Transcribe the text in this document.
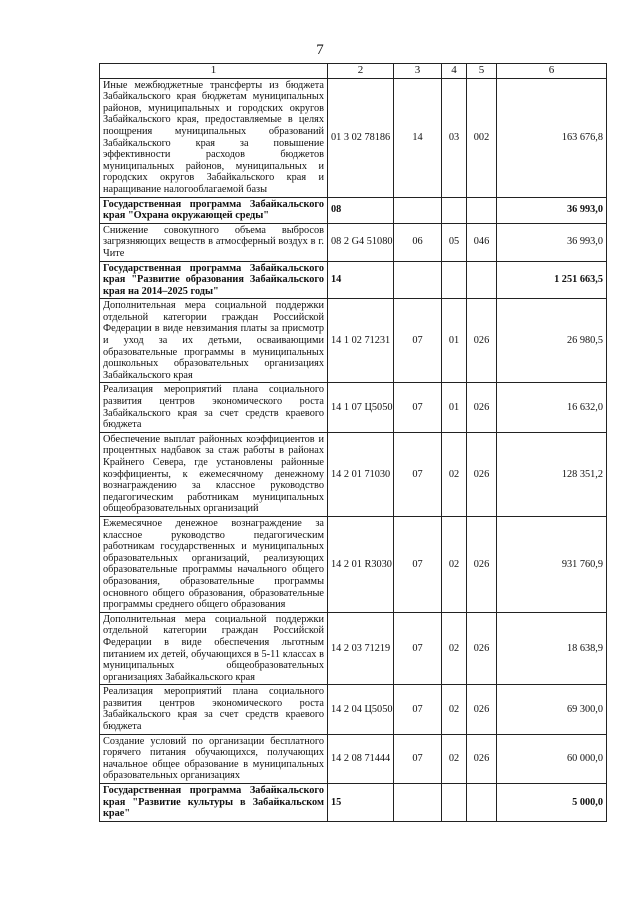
7
1	2	3	4	5	6
Иные межбюджетные трансферты из бюджета Забайкальского края бюджетам муниципальных районов, муниципальных и городских округов Забайкальского края, предоставляемые в целях поощрения муниципальных образований Забайкальского края за повышение эффективности расходов бюджетов муниципальных районов, муниципальных и городских округов Забайкальского края и наращивание налогооблагаемой базы	01 3 02 78186	14	03	002	163 676,8
Государственная программа Забайкальского края "Охрана окружающей среды"	08				36 993,0
Снижение совокупного объема выбросов загрязняющих веществ в атмосферный воздух в г. Чите	08 2 G4 51080	06	05	046	36 993,0
Государственная программа Забайкальского края "Развитие образования Забайкальского края на 2014–2025 годы"	14				1 251 663,5
Дополнительная мера социальной поддержки отдельной категории граждан Российской Федерации в виде невзимания платы за присмотр и уход за их детьми, осваивающими образовательные программы в муниципальных дошкольных образовательных организациях Забайкальского края	14 1 02 71231	07	01	026	26 980,5
Реализация мероприятий плана социального развития центров экономического роста Забайкальского края за счет средств краевого бюджета	14 1 07 Ц5050	07	01	026	16 632,0
Обеспечение выплат районных коэффициентов и процентных надбавок за стаж работы в районах Крайнего Севера, где установлены районные коэффициенты, к ежемесячному денежному вознаграждению за классное руководство педагогическим работникам муниципальных общеобразовательных организаций	14 2 01 71030	07	02	026	128 351,2
Ежемесячное денежное вознаграждение за классное руководство педагогическим работникам государственных и муниципальных образовательных организаций, реализующих образовательные программы начального общего образования, образовательные программы основного общего образования, образовательные программы среднего общего образования	14 2 01 R3030	07	02	026	931 760,9
Дополнительная мера социальной поддержки отдельной категории граждан Российской Федерации в виде обеспечения льготным питанием их детей, обучающихся в 5-11 классах в муниципальных общеобразовательных организациях Забайкальского края	14 2 03 71219	07	02	026	18 638,9
Реализация мероприятий плана социального развития центров экономического роста Забайкальского края за счет средств краевого бюджета	14 2 04 Ц5050	07	02	026	69 300,0
Создание условий по организации бесплатного горячего питания обучающихся, получающих начальное общее образование в муниципальных образовательных организациях	14 2 08 71444	07	02	026	60 000,0
Государственная программа Забайкальского края "Развитие культуры в Забайкальском крае"	15				5 000,0
